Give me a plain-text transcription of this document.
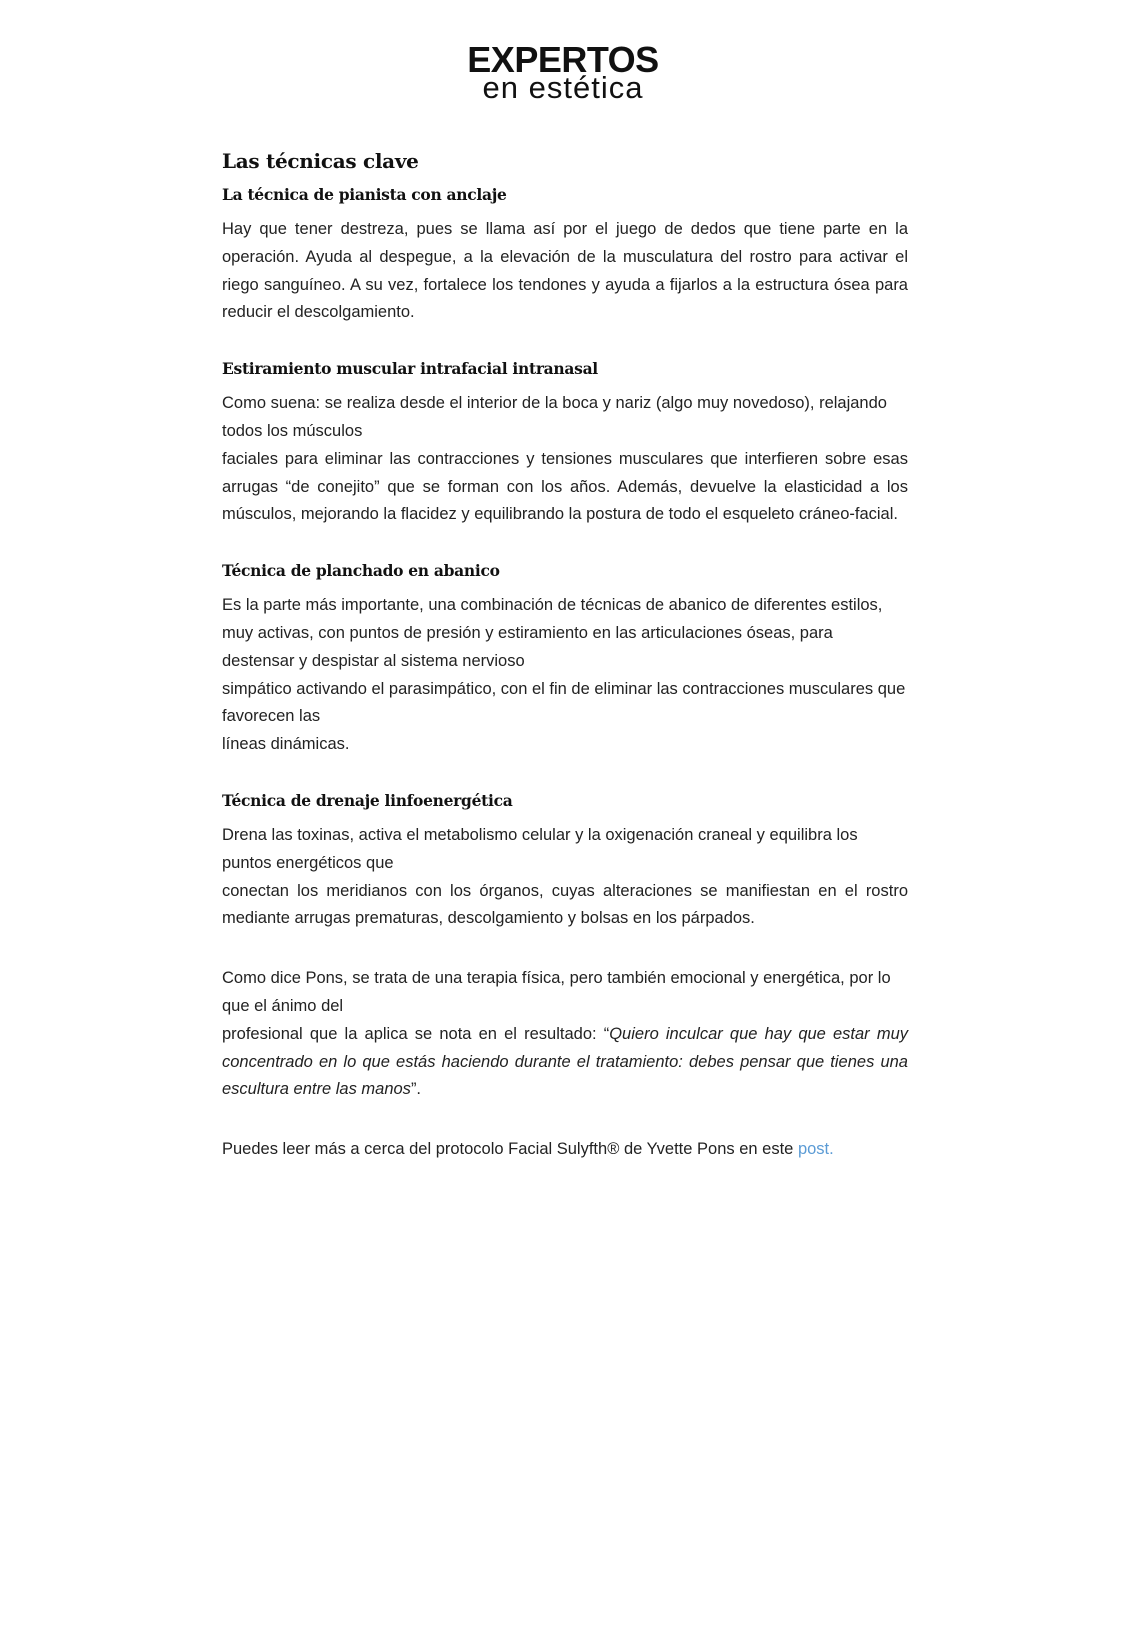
EXPERTOS
en estética
Las técnicas clave
La técnica de pianista con anclaje

Hay que tener destreza, pues se llama así por el juego de dedos que tiene parte en la operación. Ayuda al despegue, a la elevación de la musculatura del rostro para activar el riego sanguíneo. A su vez, fortalece los tendones y ayuda a fijarlos a la estructura ósea para reducir el descolgamiento.

Estiramiento muscular intrafacial intranasal

Como suena: se realiza desde el interior de la boca y nariz (algo muy novedoso), relajando todos los músculos

faciales para eliminar las contracciones y tensiones musculares que interfieren sobre esas arrugas “de conejito” que se forman con los años. Además, devuelve la elasticidad a los músculos, mejorando la flacidez y equilibrando la postura de todo el esqueleto cráneo-facial.

Técnica de planchado en abanico

Es la parte más importante, una combinación de técnicas de abanico de diferentes estilos, muy activas, con puntos de presión y estiramiento en las articulaciones óseas, para destensar y despistar al sistema nervioso

simpático activando el parasimpático, con el fin de eliminar las contracciones musculares que favorecen las

líneas dinámicas.

Técnica de drenaje linfoenergética

Drena las toxinas, activa el metabolismo celular y la oxigenación craneal y equilibra los puntos energéticos que

conectan los meridianos con los órganos, cuyas alteraciones se manifiestan en el rostro mediante arrugas prematuras, descolgamiento y bolsas en los párpados.

Como dice Pons, se trata de una terapia física, pero también emocional y energética, por lo que el ánimo del

profesional que la aplica se nota en el resultado: “Quiero inculcar que hay que estar muy concentrado en lo que estás haciendo durante el tratamiento: debes pensar que tienes una escultura entre las manos”.

Puedes leer más a cerca del protocolo Facial Sulyfth® de Yvette Pons en este post.
